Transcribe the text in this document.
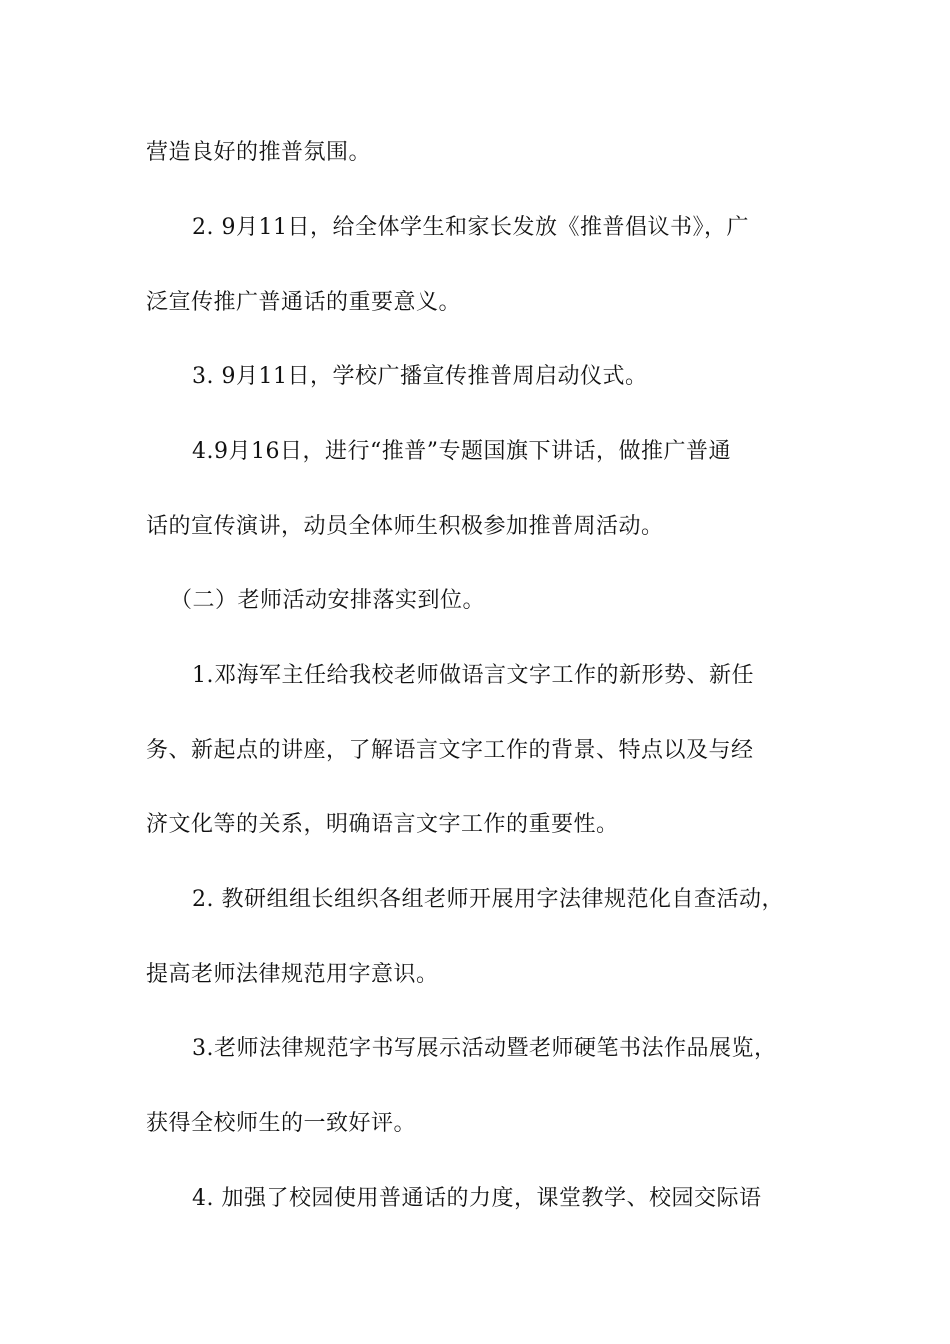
营造良好的推普氛围。
2. 9月11日，给全体学生和家长发放《推普倡议书》，广
泛宣传推广普通话的重要意义。
3. 9月11日，学校广播宣传推普周启动仪式。
4.9月16日，进行“推普”专题国旗下讲话，做推广普通
话的宣传演讲，动员全体师生积极参加推普周活动。
（二）老师活动安排落实到位。
1.邓海军主任给我校老师做语言文字工作的新形势、新任
务、新起点的讲座，了解语言文字工作的背景、特点以及与经
济文化等的关系，明确语言文字工作的重要性。
2. 教研组组长组织各组老师开展用字法律规范化自查活动，
提高老师法律规范用字意识。
3.老师法律规范字书写展示活动暨老师硬笔书法作品展览，
获得全校师生的一致好评。
4. 加强了校园使用普通话的力度，课堂教学、校园交际语
